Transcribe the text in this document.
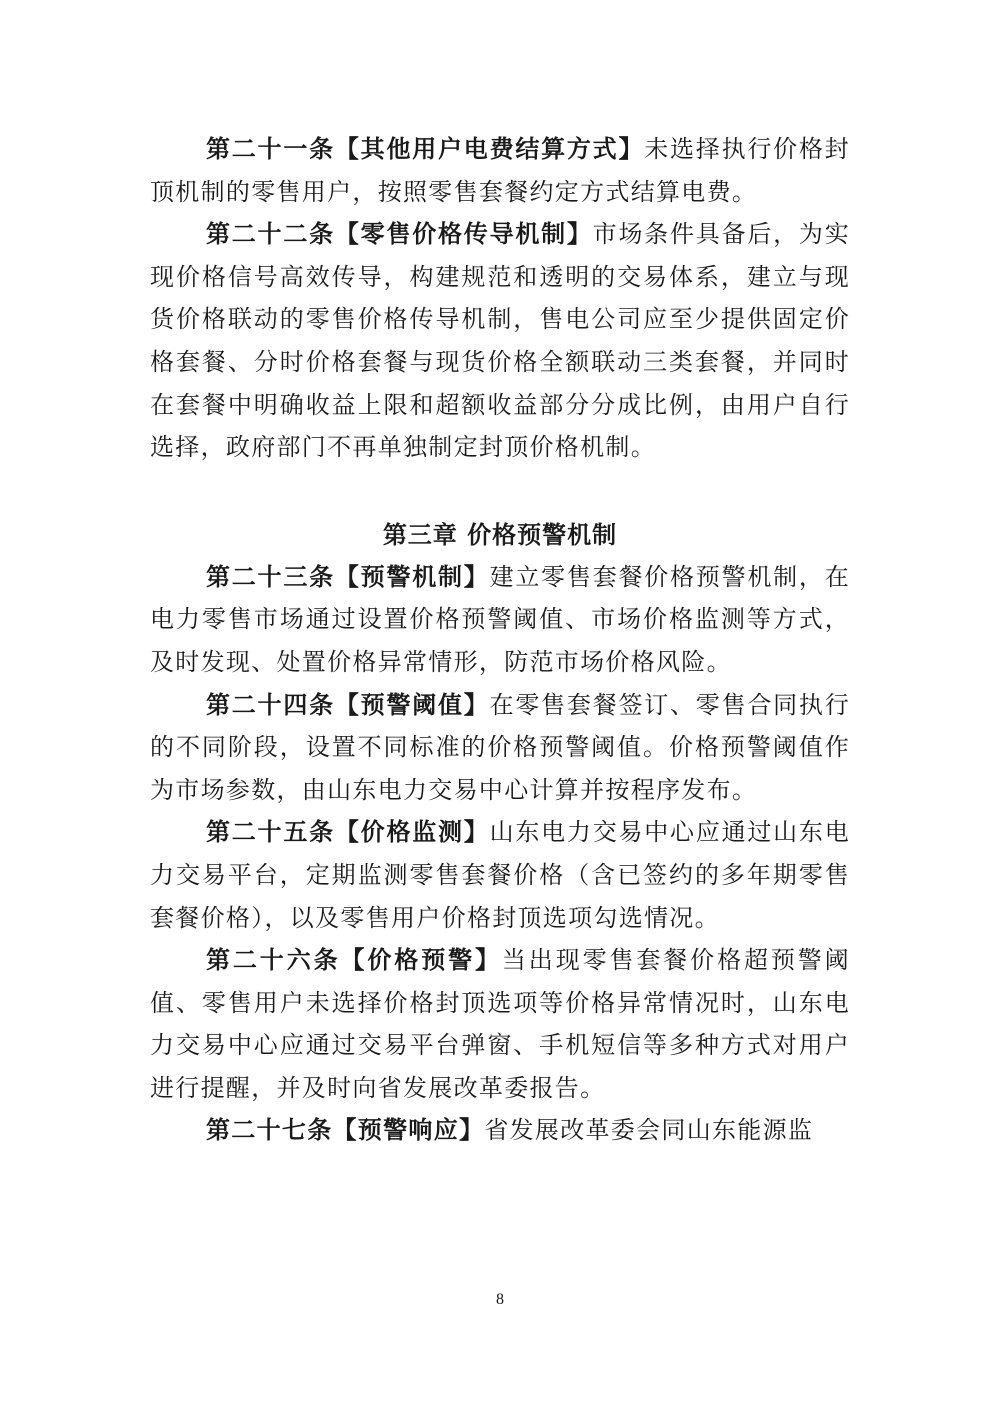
第二十一条【其他用户电费结算方式】未选择执行价格封顶机制的零售用户，按照零售套餐约定方式结算电费。

第二十二条【零售价格传导机制】市场条件具备后，为实现价格信号高效传导，构建规范和透明的交易体系，建立与现货价格联动的零售价格传导机制，售电公司应至少提供固定价格套餐、分时价格套餐与现货价格全额联动三类套餐，并同时在套餐中明确收益上限和超额收益部分分成比例，由用户自行选择，政府部门不再单独制定封顶价格机制。

第三章 价格预警机制

第二十三条【预警机制】建立零售套餐价格预警机制，在电力零售市场通过设置价格预警阈值、市场价格监测等方式，及时发现、处置价格异常情形，防范市场价格风险。

第二十四条【预警阈值】在零售套餐签订、零售合同执行的不同阶段，设置不同标准的价格预警阈值。价格预警阈值作为市场参数，由山东电力交易中心计算并按程序发布。

第二十五条【价格监测】山东电力交易中心应通过山东电力交易平台，定期监测零售套餐价格（含已签约的多年期零售套餐价格），以及零售用户价格封顶选项勾选情况。

第二十六条【价格预警】当出现零售套餐价格超预警阈值、零售用户未选择价格封顶选项等价格异常情况时，山东电力交易中心应通过交易平台弹窗、手机短信等多种方式对用户进行提醒，并及时向省发展改革委报告。

第二十七条【预警响应】省发展改革委会同山东能源监

8
